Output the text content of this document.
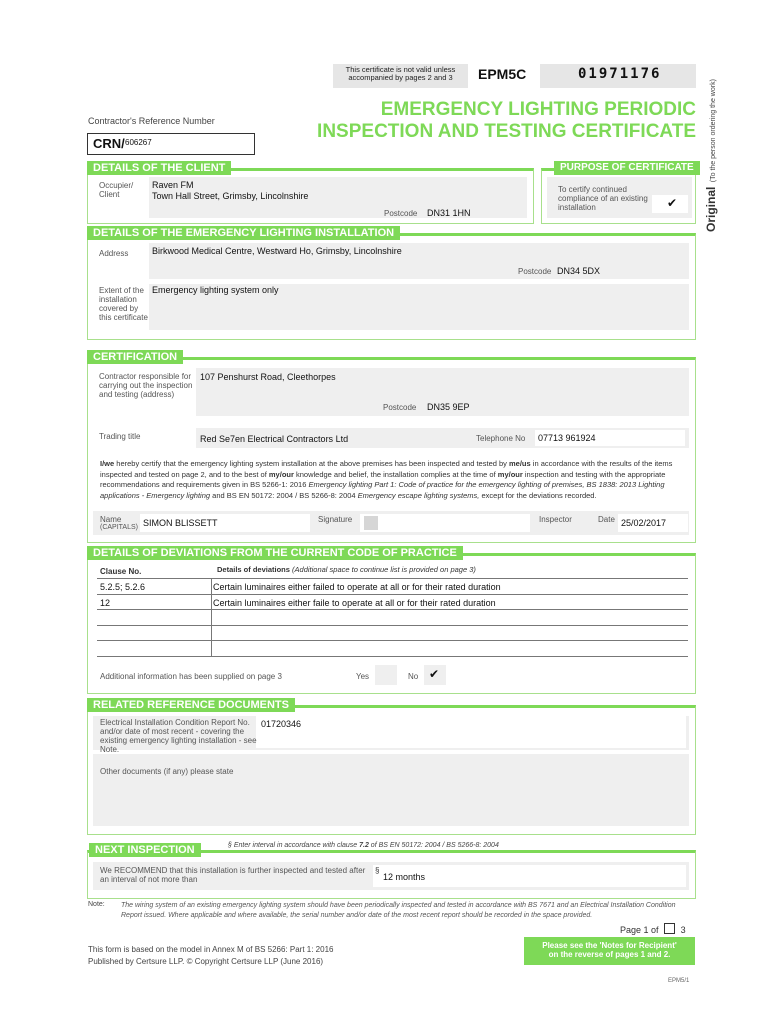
This certificate is not valid unless accompanied by pages 2 and 3	EPM5C	01971176
EMERGENCY LIGHTING PERIODIC
INSPECTION AND TESTING CERTIFICATE
Original (To the person ordering the work)
Contractor's Reference Number
CRN/ 606267
DETAILS OF THE CLIENT
Occupier/ Client
Raven FM
Town Hall Street, Grimsby, Lincolnshire
Postcode DN31 1HN
PURPOSE OF CERTIFICATE
To certify continued compliance of an existing installation	✔
DETAILS OF THE EMERGENCY LIGHTING INSTALLATION
Address	Birkwood Medical Centre, Westward Ho, Grimsby, Lincolnshire
Postcode DN34 5DX
Extent of the installation covered by this certificate
Emergency lighting system only
CERTIFICATION
Contractor responsible for carrying out the inspection and testing (address)
107 Penshurst Road, Cleethorpes
Postcode DN35 9EP
Trading title	Red Se7en Electrical Contractors Ltd	Telephone No 07713 961924
I/we hereby certify that the emergency lighting system installation at the above premises has been inspected and tested by me/us in accordance with the results of the items inspected and tested on page 2, and to the best of my/our knowledge and belief, the installation complies at the time of my/our inspection and testing with the appropriate recommendations and requirements given in BS 5266-1: 2016 Emergency lighting Part 1: Code of practice for the emergency lighting of premises, BS 1838: 2013 Lighting applications - Emergency lighting and BS EN 50172: 2004 / BS 5266-8: 2004 Emergency escape lighting systems, except for the deviations recorded.
Name
(CAPITALS) SIMON BLISSETT	Signature	Inspector	Date 25/02/2017
DETAILS OF DEVIATIONS FROM THE CURRENT CODE OF PRACTICE
Clause No.	Details of deviations (Additional space to continue list is provided on page 3)
5.2.5; 5.2.6	Certain luminaires either failed to operate at all or for their rated duration
12	Certain luminaires either faile to operate at all or for their rated duration
Additional information has been supplied on page 3	Yes	No ✔
RELATED REFERENCE DOCUMENTS
Electrical Installation Condition Report No. and/or date of most recent - covering the existing emergency lighting installation - see Note.
01720346
Other documents (if any) please state
NEXT INSPECTION	§ Enter interval in accordance with clause 7.2 of BS EN 50172: 2004 / BS 5266-8: 2004
We RECOMMEND that this installation is further inspected and tested after an interval of not more than
§
12 months
Note: The wiring system of an existing emergency lighting system should have been periodically inspected and tested in accordance with BS 7671 and an Electrical Installation Condition Report issued. Where applicable and where available, the serial number and/or date of the most recent report should be recorded in the space provided.
Page 1 of 3
This form is based on the model in Annex M of BS 5266: Part 1: 2016
Published by Certsure LLP. © Copyright Certsure LLP (June 2016)
Please see the 'Notes for Recipient'
on the reverse of pages 1 and 2.
EPM5/1
